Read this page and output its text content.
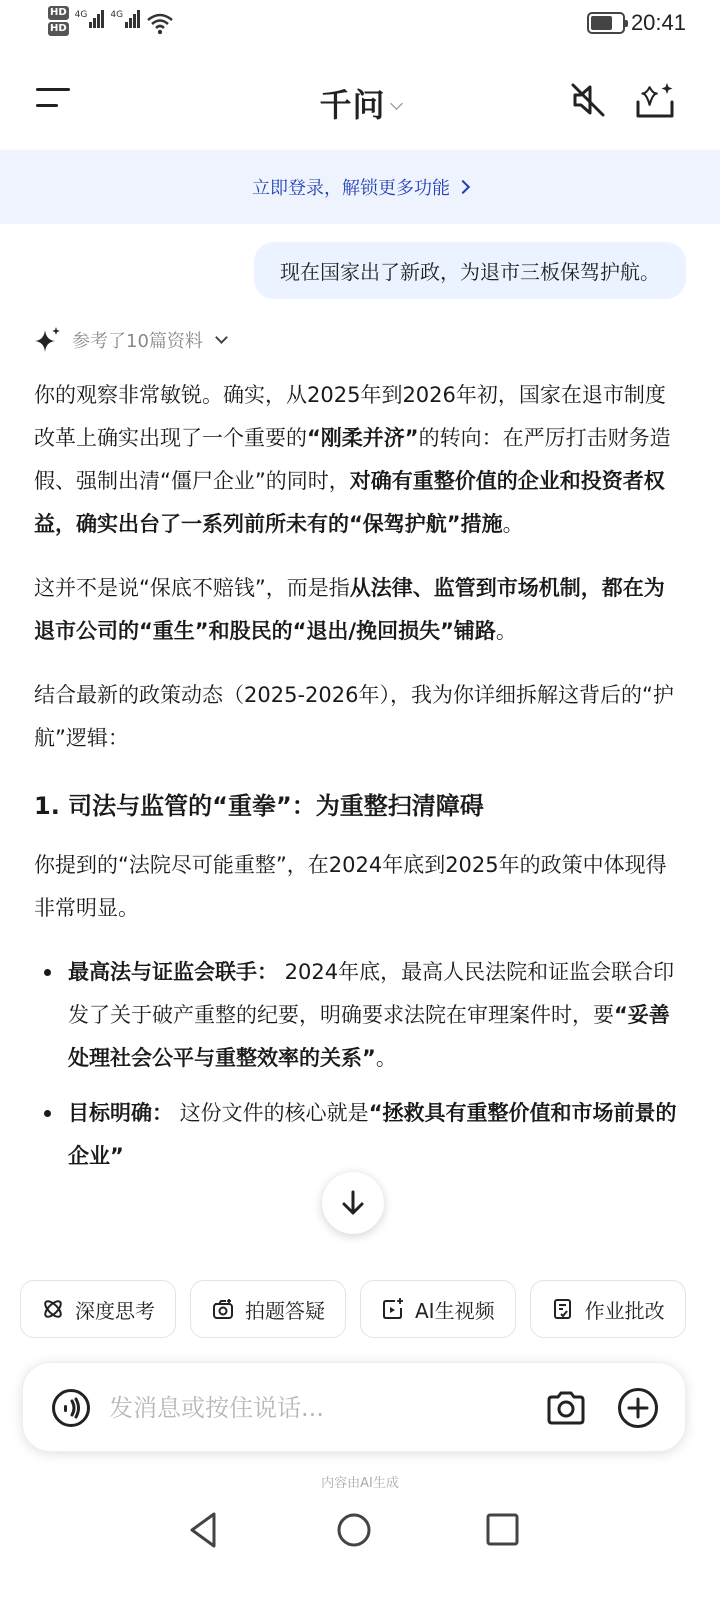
HD
HD
4G	4G	20:41
千问
立即登录，解锁更多功能
现在国家出了新政，为退市三板保驾护航。
参考了10篇资料

你的观察非常敏锐。确实，从2025年到2026年初，国家在退市制度改革上确实出现了一个重要的“刚柔并济”的转向：在严厉打击财务造假、强制出清“僵尸企业”的同时，对确有重整价值的企业和投资者权益，确实出台了一系列前所未有的“保驾护航”措施。

这并不是说“保底不赔钱”，而是指从法律、监管到市场机制，都在为退市公司的“重生”和股民的“退出/挽回损失”铺路。

结合最新的政策动态（2025-2026年），我为你详细拆解这背后的“护航”逻辑：

1. 司法与监管的“重拳”：为重整扫清障碍

你提到的“法院尽可能重整”，在2024年底到2025年的政策中体现得非常明显。

最高法与证监会联手： 2024年底，最高人民法院和证监会联合印发了关于破产重整的纪要，明确要求法院在审理案件时，要“妥善处理社会公平与重整效率的关系”。
目标明确： 这份文件的核心就是“拯救具有重整价值和市场前景的企业”
深度思考	拍题答疑	AI生视频	作业批改
发消息或按住说话...
内容由AI生成
